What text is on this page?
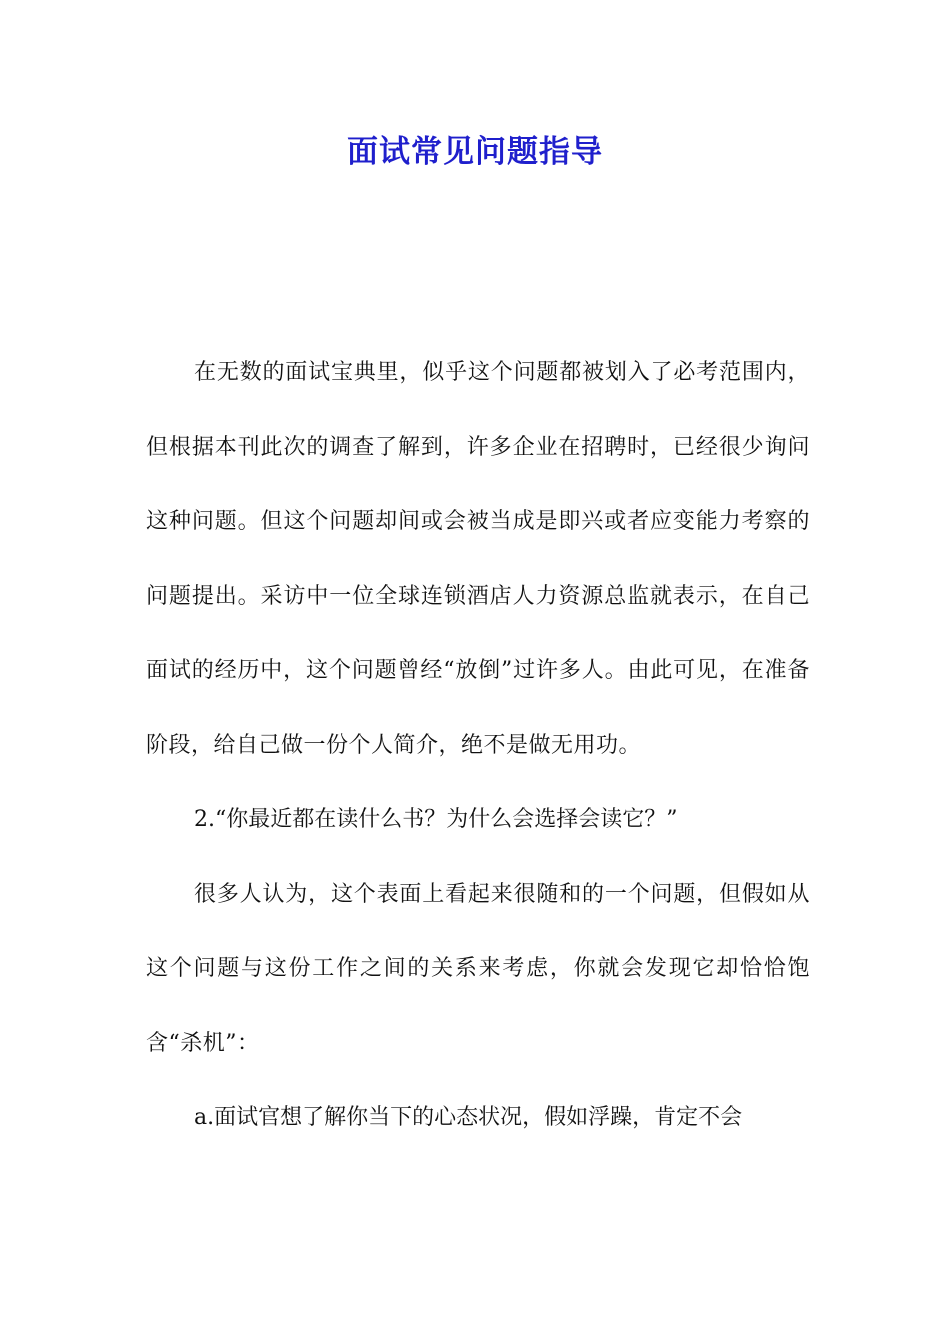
面试常见问题指导

在无数的面试宝典里，似乎这个问题都被划入了必考范围内，但根据本刊此次的调查了解到，许多企业在招聘时，已经很少询问这种问题。但这个问题却间或会被当成是即兴或者应变能力考察的问题提出。采访中一位全球连锁酒店人力资源总监就表示，在自己面试的经历中，这个问题曾经“放倒”过许多人。由此可见，在准备阶段，给自己做一份个人简介，绝不是做无用功。

2.“你最近都在读什么书？为什么会选择会读它？”

很多人认为，这个表面上看起来很随和的一个问题，但假如从这个问题与这份工作之间的关系来考虑，你就会发现它却恰恰饱含“杀机”：

a.面试官想了解你当下的心态状况，假如浮躁，肯定不会
